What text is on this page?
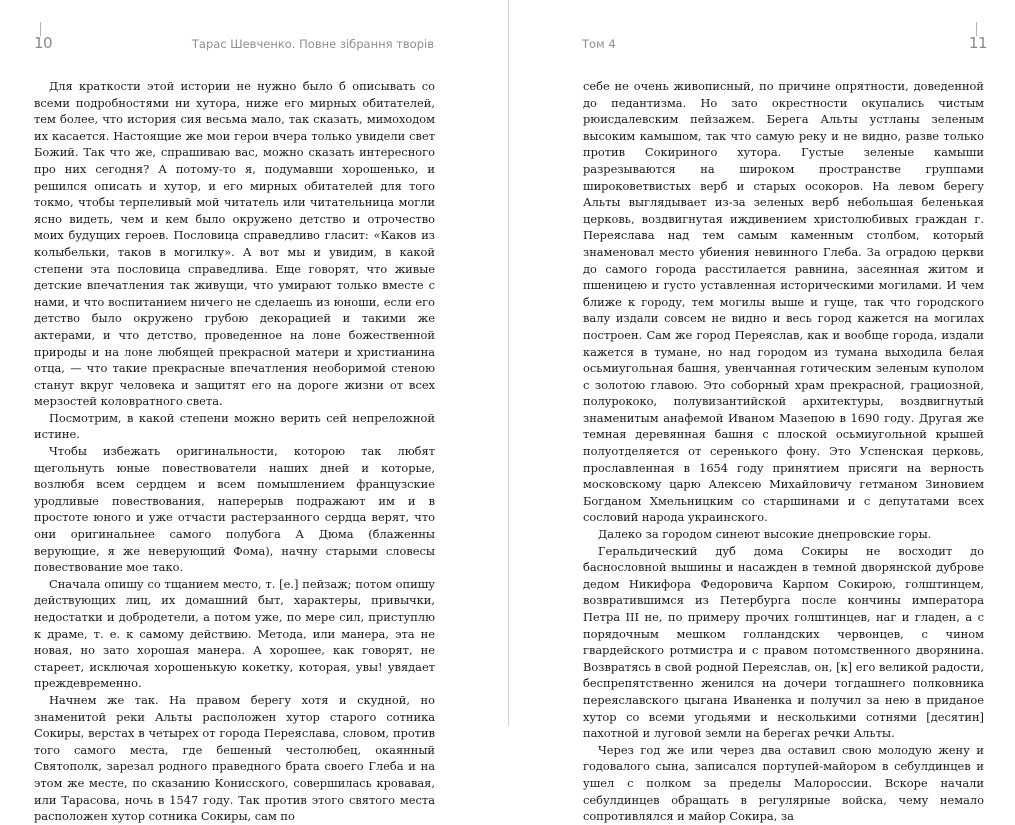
10	Тарас Шевченко. Повне зібрання творів

Для краткости этой истории не нужно было б описывать со всеми подробностями ни хутора, ниже его мирных обитателей, тем более, что история сия весьма мало, так сказать, мимоходом их касается. Настоящие же мои герои вчера только увидели свет Божий. Так что же, спрашиваю вас, можно сказать интересного про них сегодня? А потому-то я, подумавши хорошенько, и решился описать и хутор, и его мирных обитателей для того токмо, чтобы терпеливый мой читатель или читательница могли ясно видеть, чем и кем было окружено детство и отрочество моих будущих героев. Пословица справедливо гласит: «Каков из колыбельки, таков в могилку». А вот мы и увидим, в какой степени эта пословица справедлива. Еще говорят, что живые детские впечатления так живущи, что умирают только вместе с нами, и что воспитанием ничего не сделаешь из юноши, если его детство было окружено грубою декорацией и такими же актерами, и что детство, проведенное на лоне божественной природы и на лоне любящей прекрасной матери и христианина отца, — что такие прекрасные впечатления необоримой стеною станут вкруг человека и защитят его на дороге жизни от всех мерзостей коловратного света.

Посмотрим, в какой степени можно верить сей непреложной истине.

Чтобы избежать оригинальности, которою так любят щегольнуть юные повествователи наших дней и которые, возлюбя всем сердцем и всем помышлением французские уродливые повествования, наперерыв подражают им и в простоте юного и уже отчасти растерзанного сердца верят, что они оригинальнее самого полубога А Дюма (блаженны верующие, я же неверующий Фома), начну старыми словесы повествование мое тако.

Сначала опишу со тщанием место, т. [е.] пейзаж; потом опишу действующих лиц, их домашний быт, характеры, привычки, недостатки и добродетели, а потом уже, по мере сил, приступлю к драме, т. е. к самому действию. Метода, или манера, эта не новая, но зато хорошая манера. А хорошее, как говорят, не стареет, исключая хорошенькую кокетку, которая, увы! увядает преждевременно.

Начнем же так. На правом берегу хотя и скудной, но знаменитой реки Альты расположен хутор старого сотника Сокиры, верстах в четырех от города Переяслава, словом, против того самого места, где бешеный честолюбец, окаянный Святополк, зарезал родного праведного брата своего Глеба и на этом же месте, по сказанию Конисского, совершилась кровавая, или Тарасова, ночь в 1547 году. Так против этого святого места расположен хутор сотника Сокиры, сам по

11
Том 4

себе не очень живописный, по причине опрятности, доведенной до педантизма. Но зато окрестности окупались чистым рюисдалевским пейзажем. Берега Альты устланы зеленым высоким камышом, так что самую реку и не видно, разве только против Сокириного хутора. Густые зеленые камыши разрезываются на широком пространстве группами широковетвистых верб и старых осокоров. На левом берегу Альты выглядывает из-за зеленых верб небольшая беленькая церковь, воздвигнутая иждивением христолюбивых граждан г. Переяслава над тем самым каменным столбом, который знаменовал место убиения невинного Глеба. За оградою церкви до самого города расстилается равнина, засеянная житом и пшеницею и густо уставленная историческими могилами. И чем ближе к городу, тем могилы выше и гуще, так что городского валу издали совсем не видно и весь город кажется на могилах построен. Сам же город Переяслав, как и вообще города, издали кажется в тумане, но над городом из тумана выходила белая осьмиугольная башня, увенчанная готическим зеленым куполом с золотою главою. Это соборный храм прекрасной, грациозной, полурококо, полувизантийской архитектуры, воздвигнутый знаменитым анафемой Иваном Мазепою в 1690 году. Другая же темная деревянная башня с плоской осьмиугольной крышей полуотделяется от серенького фону. Это Успенская церковь, прославленная в 1654 году принятием присяги на верность московскому царю Алексею Михайловичу гетманом Зиновием Богданом Хмельницким со старшинами и с депутатами всех сословий народа украинского.

Далеко за городом синеют высокие днепровские горы.

Геральдический дуб дома Сокиры не восходит до баснословной вышины и насажден в темной дворянской дуброве дедом Никифора Федоровича Карпом Сокирою, голштинцем, возвратившимся из Петербурга после кончины императора Петра III не, по примеру прочих голштинцев, наг и гладен, а с порядочным мешком голландских червонцев, с чином гвардейского ротмистра и с правом потомственного дворянина. Возвратясь в свой родной Переяслав, он, [к] его великой радости, беспрепятственно женился на дочери тогдашнего полковника переяславского цыгана Иваненка и получил за нею в приданое хутор со всеми угодьями и несколькими сотнями [десятин] пахотной и луговой земли на берегах речки Альты.

Через год же или через два оставил свою молодую жену и годовалого сына, записался портупей-майором в себулдинцев и ушел с полком за пределы Малороссии. Вскоре начали себулдинцев обращать в регулярные войска, чему немало сопротивлялся и майор Сокира, за
